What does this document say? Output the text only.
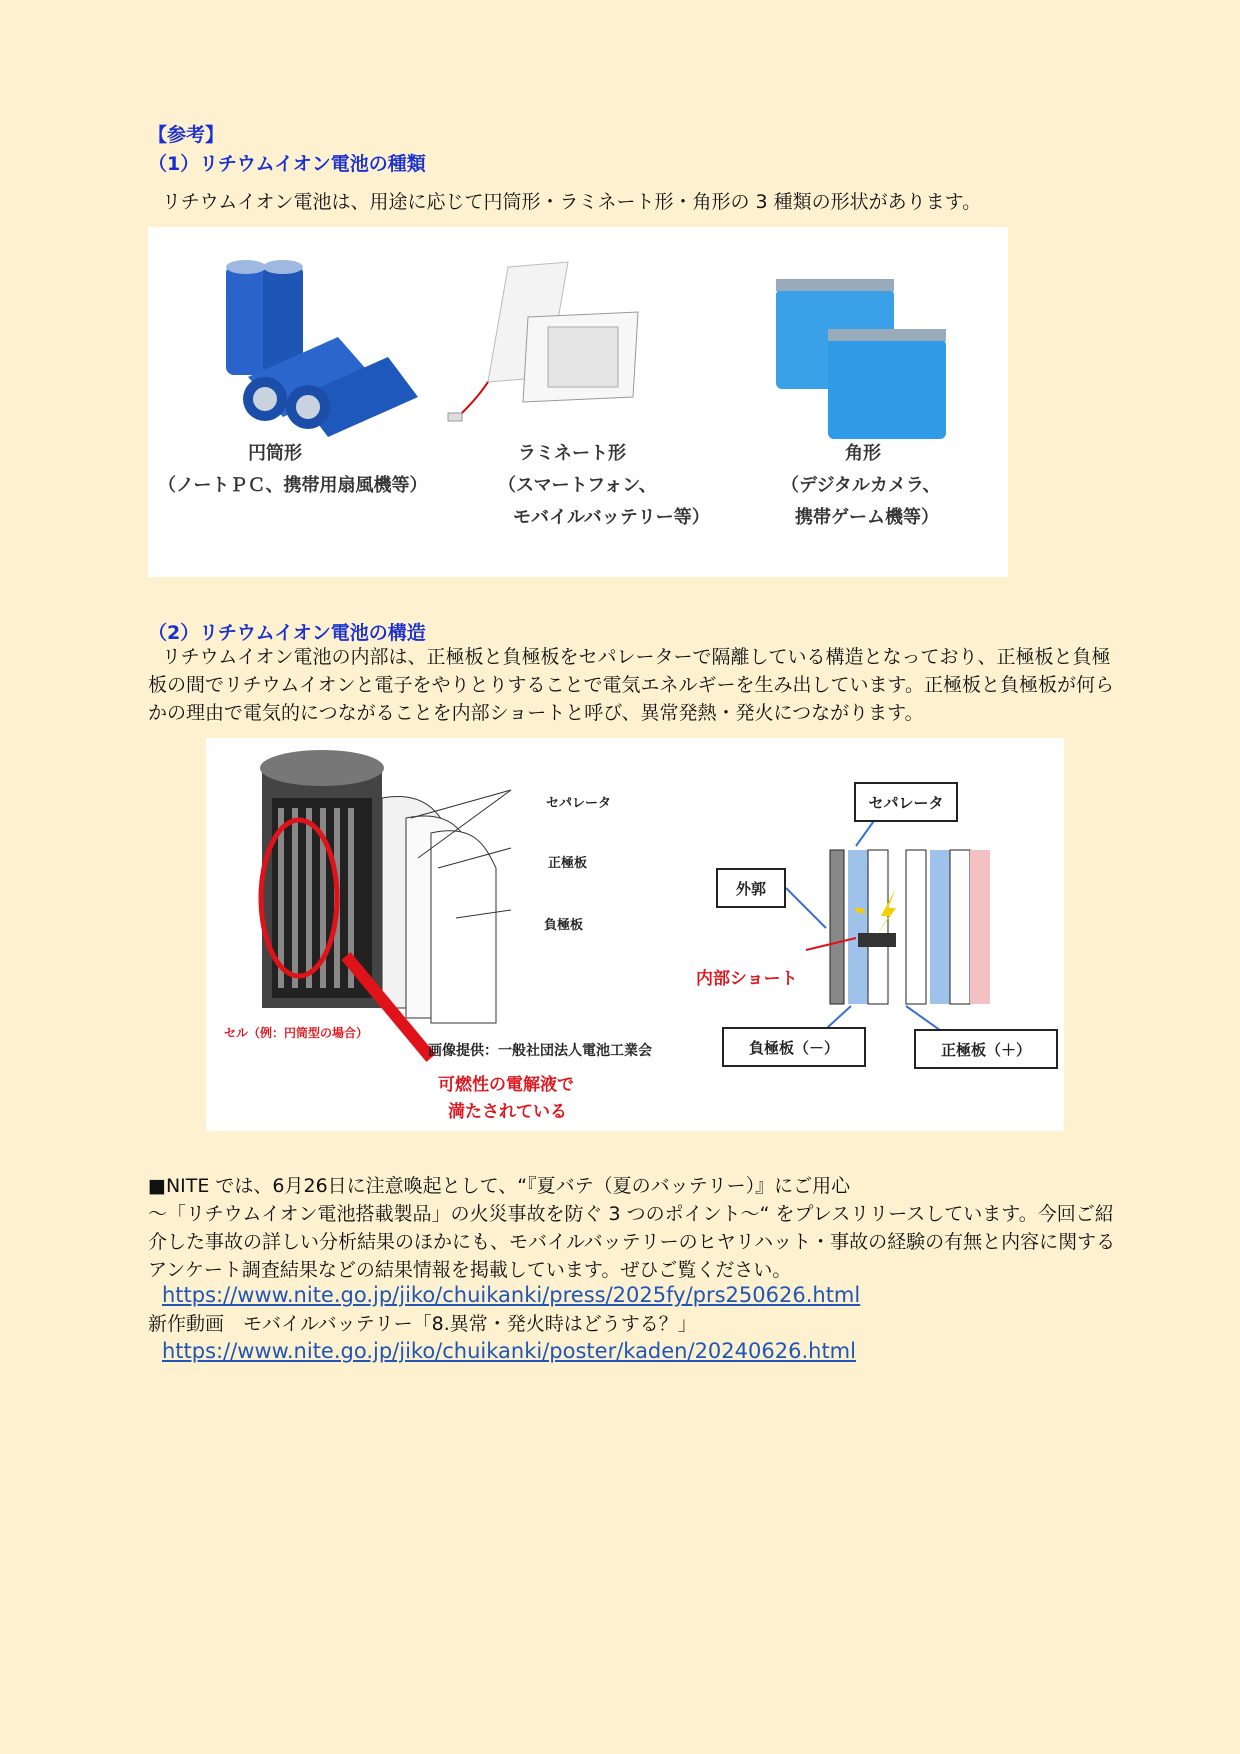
【参考】
（1）リチウムイオン電池の種類
リチウムイオン電池は、用途に応じて円筒形・ラミネート形・角形の 3 種類の形状があります。
円筒形
（ノートＰＣ、携帯用扇風機等）
ラミネート形
（スマートフォン、
モバイルバッテリー等）
角形
（デジタルカメラ、
携帯ゲーム機等）
（2）リチウムイオン電池の構造
リチウムイオン電池の内部は、正極板と負極板をセパレーターで隔離している構造となっており、正極板と負極板の間でリチウムイオンと電子をやりとりすることで電気エネルギーを生み出しています。正極板と負極板が何らかの理由で電気的につながることを内部ショートと呼び、異常発熱・発火につながります。
セパレータ
正極板
負極板
セル（例：円筒型の場合）
画像提供：一般社団法人電池工業会
可燃性の電解液で
満たされている
セパレータ
外郭
内部ショート
負極板（－）	正極板（＋）
■NITE では、6月26日に注意喚起として、“『夏バテ（夏のバッテリー）』にご用心
～「リチウムイオン電池搭載製品」の火災事故を防ぐ 3 つのポイント～“ をプレスリリースしています。今回ご紹介した事故の詳しい分析結果のほかにも、モバイルバッテリーのヒヤリハット・事故の経験の有無と内容に関するアンケート調査結果などの結果情報を掲載しています。ぜひご覧ください。
https://www.nite.go.jp/jiko/chuikanki/press/2025fy/prs250626.html
新作動画　モバイルバッテリー「8.異常・発火時はどうする？」
https://www.nite.go.jp/jiko/chuikanki/poster/kaden/20240626.html
